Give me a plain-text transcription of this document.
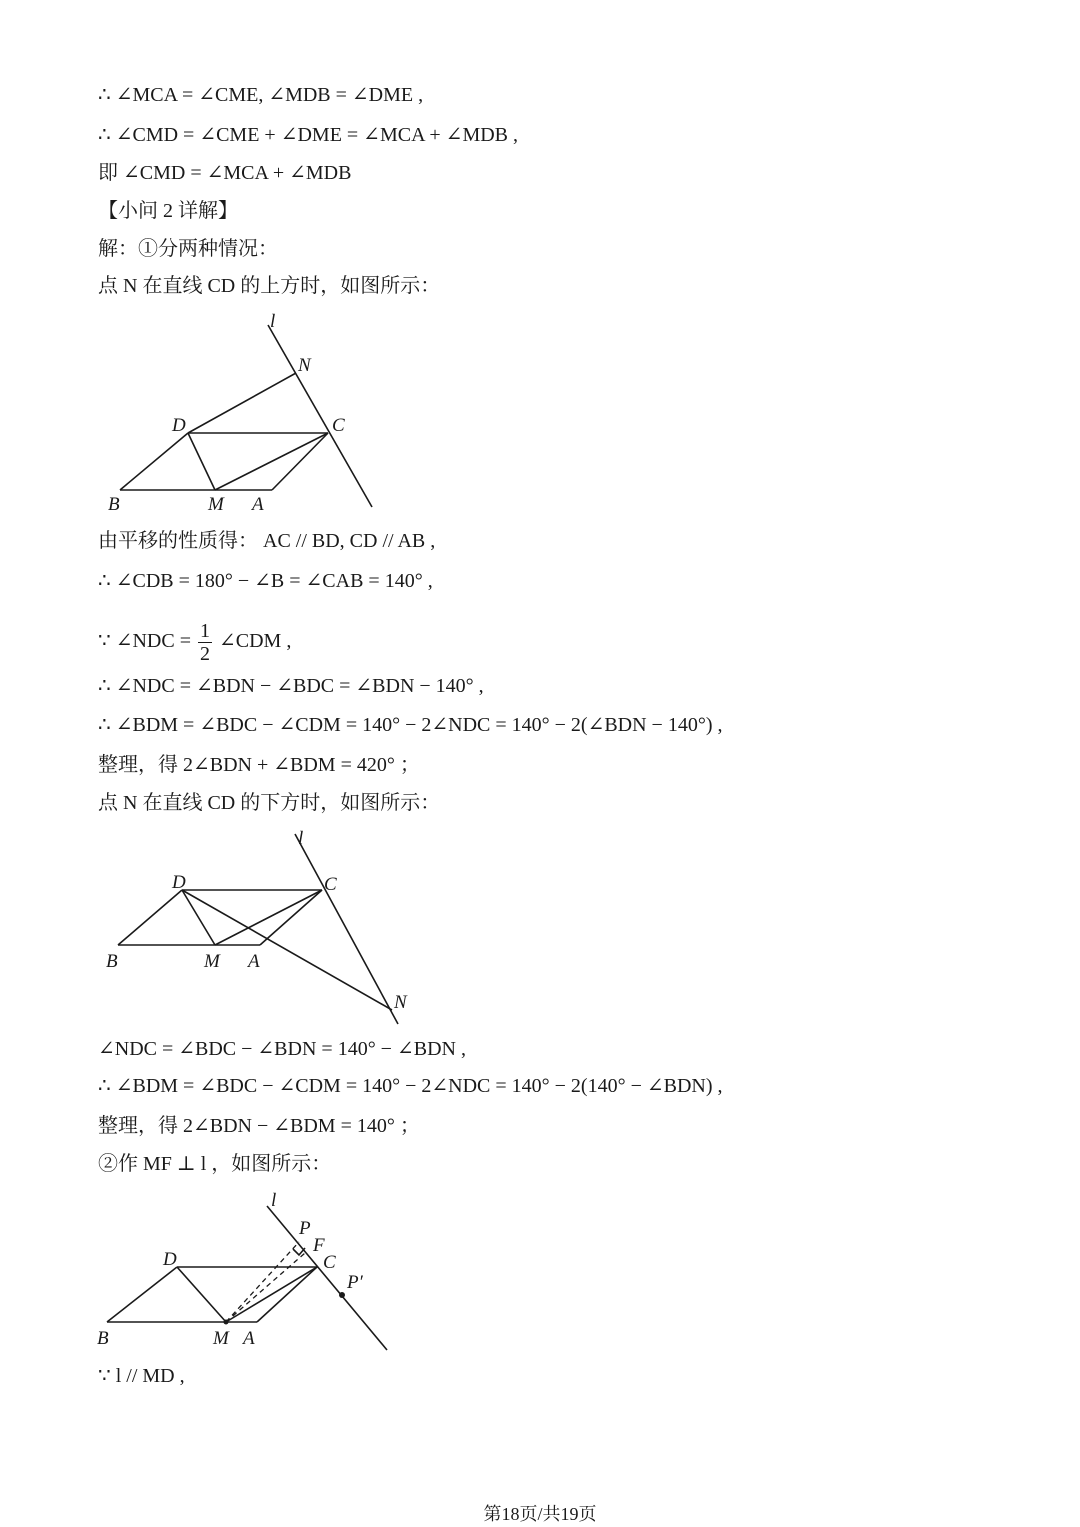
∴ ∠MCA = ∠CME, ∠MDB = ∠DME ,
∴ ∠CMD = ∠CME + ∠DME = ∠MCA + ∠MDB ,
即 ∠CMD = ∠MCA + ∠MDB
【小问 2 详解】
解：①分两种情况：
点 N 在直线 CD 的上方时，如图所示：
l
N
D	C
B	M A
由平移的性质得： AC // BD, CD // AB ,
∴ ∠CDB = 180° − ∠B = ∠CAB = 140° ,
∵ ∠NDC = $\frac{1}{2}$ ∠CDM ,
∴ ∠NDC = ∠BDN − ∠BDC = ∠BDN − 140° ,
∴ ∠BDM = ∠BDC − ∠CDM = 140° − 2∠NDC = 140° − 2(∠BDN − 140°) ,
整理，得 2∠BDN + ∠BDM = 420° ；
点 N 在直线 CD 的下方时，如图所示：
l
D	C
B	M A
N
∠NDC = ∠BDC − ∠BDN = 140° − ∠BDN ,
∴ ∠BDM = ∠BDC − ∠CDM = 140° − 2∠NDC = 140° − 2(140° − ∠BDN) ,
整理，得 2∠BDN − ∠BDM = 140° ；
②作 MF ⊥ l ，如图所示：
l
P
F
D	C
P′
B	M A
∵ l // MD ,
第18页/共19页
